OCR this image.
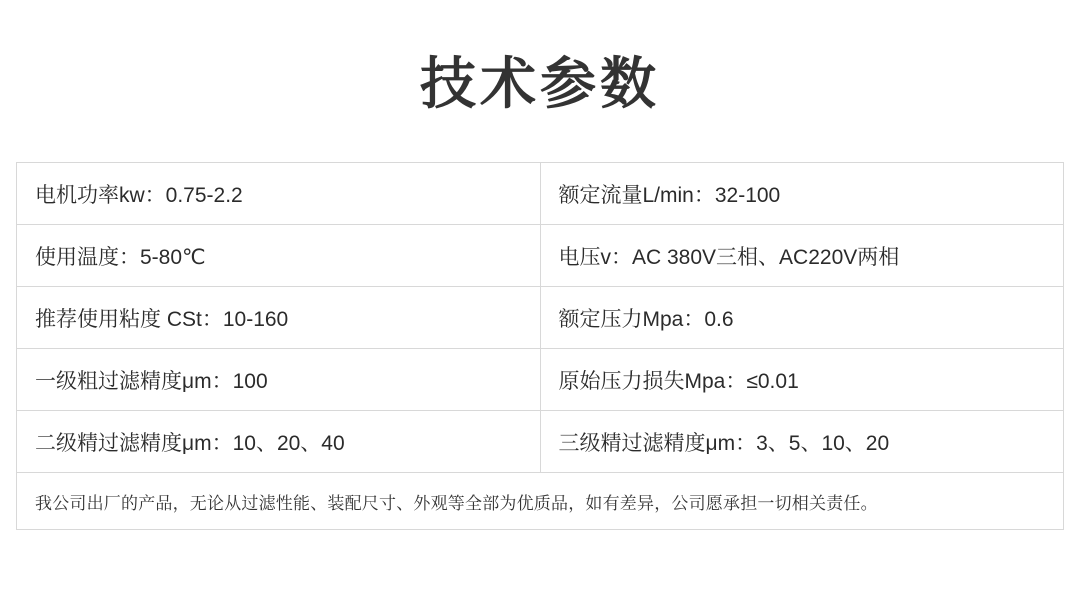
技术参数
电机功率kw：0.75-2.2	额定流量L/min：32-100
使用温度：5-80℃	电压v：AC 380V三相、AC220V两相
推荐使用粘度 CSt：10-160	额定压力Mpa：0.6
一级粗过滤精度μm：100	原始压力损失Mpa：≤0.01
二级精过滤精度μm：10、20、40	三级精过滤精度μm：3、5、10、20
我公司出厂的产品，无论从过滤性能、装配尺寸、外观等全部为优质品，如有差异，公司愿承担一切相关责任。	
